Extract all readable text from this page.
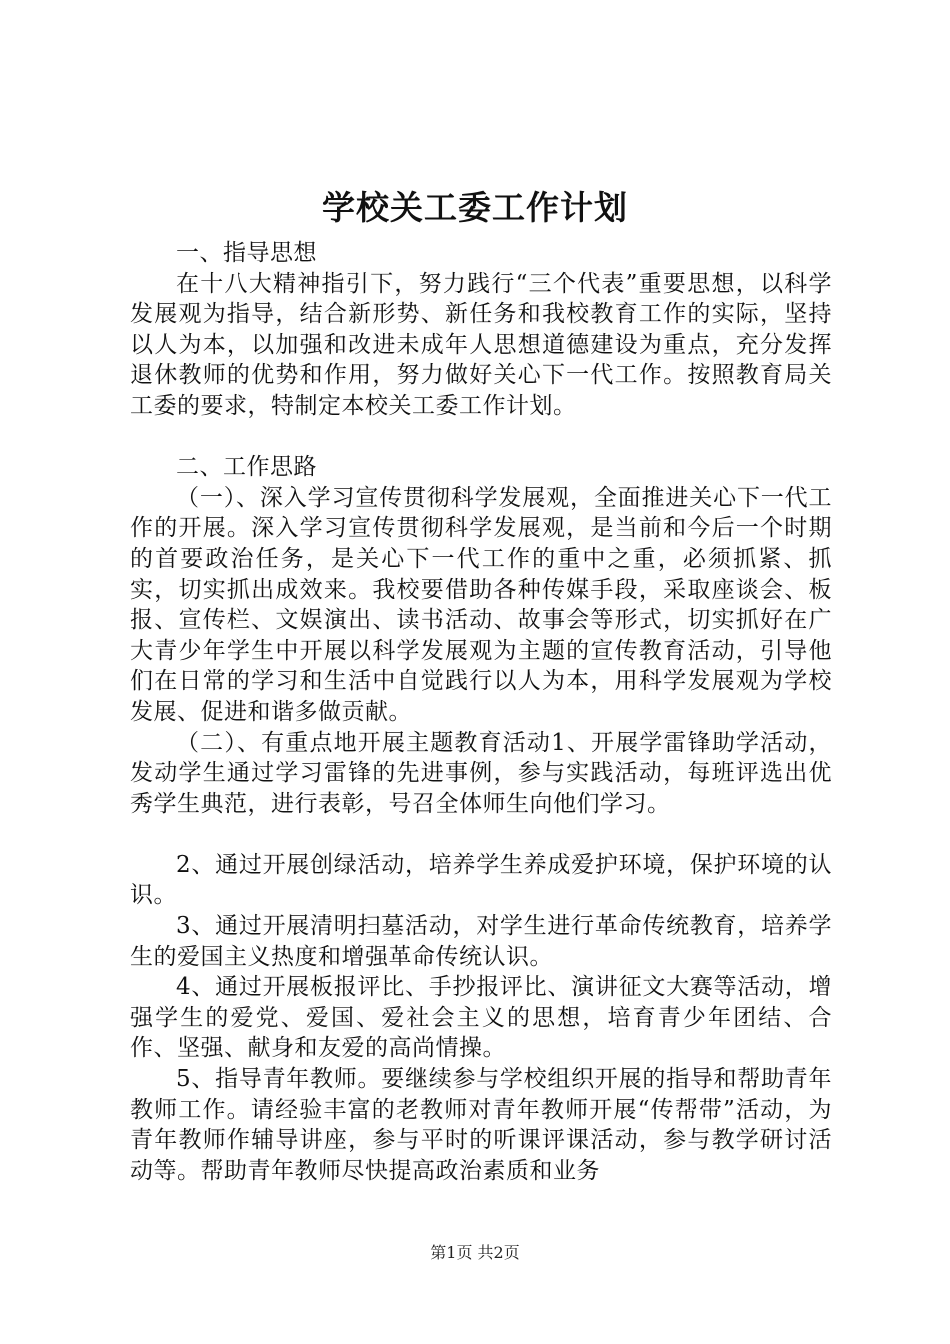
学校关工委工作计划

一、指导思想

在十八大精神指引下，努力践行“三个代表”重要思想，以科学发展观为指导，结合新形势、新任务和我校教育工作的实际，坚持以人为本，以加强和改进未成年人思想道德建设为重点，充分发挥退休教师的优势和作用，努力做好关心下一代工作。按照教育局关工委的要求，特制定本校关工委工作计划。

二、工作思路

（一）、深入学习宣传贯彻科学发展观，全面推进关心下一代工作的开展。深入学习宣传贯彻科学发展观，是当前和今后一个时期的首要政治任务，是关心下一代工作的重中之重，必须抓紧、抓实，切实抓出成效来。我校要借助各种传媒手段，采取座谈会、板报、宣传栏、文娱演出、读书活动、故事会等形式，切实抓好在广大青少年学生中开展以科学发展观为主题的宣传教育活动，引导他们在日常的学习和生活中自觉践行以人为本，用科学发展观为学校发展、促进和谐多做贡献。

（二）、有重点地开展主题教育活动1、开展学雷锋助学活动，发动学生通过学习雷锋的先进事例，参与实践活动，每班评选出优秀学生典范，进行表彰，号召全体师生向他们学习。

2、通过开展创绿活动，培养学生养成爱护环境，保护环境的认识。

3、通过开展清明扫墓活动，对学生进行革命传统教育，培养学生的爱国主义热度和增强革命传统认识。

4、通过开展板报评比、手抄报评比、演讲征文大赛等活动，增强学生的爱党、爱国、爱社会主义的思想，培育青少年团结、合作、坚强、献身和友爱的高尚情操。

5、指导青年教师。要继续参与学校组织开展的指导和帮助青年教师工作。请经验丰富的老教师对青年教师开展“传帮带”活动，为青年教师作辅导讲座，参与平时的听课评课活动，参与教学研讨活动等。帮助青年教师尽快提高政治素质和业务

第1页 共2页
